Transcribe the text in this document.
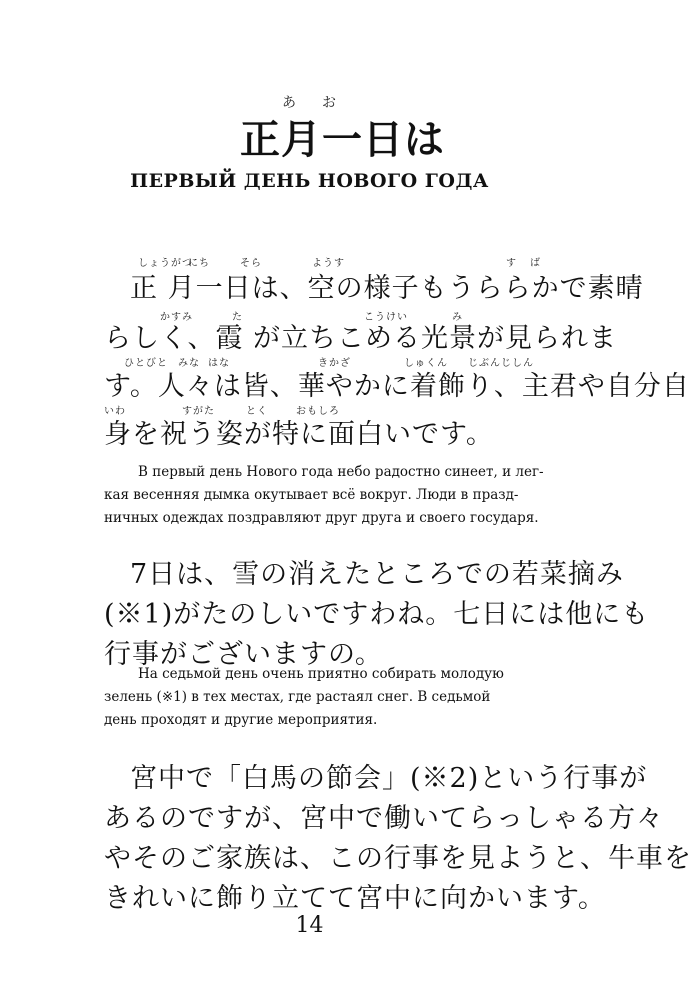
あ お
正月一日は
ПЕРВЫЙ ДЕНЬ НОВОГО ГОДА
しょうがつ
にち	そら	ようす	す ば
かすみ	た	こうけい	み
ひとびと みな はな	きかざ	しゅくん じぶんじしん
いわ	すがた	とく	おもしろ
正 月一日は、空の様子もうららかで素晴
らしく、霞 が立ちこめる光景が見られま
す。人々は皆、華やかに着飾り、主君や自分自
身を祝う姿が特に面白いです。
В первый день Нового года небо радостно синеет, и лег-
кая весенняя дымка окутывает всё вокруг. Люди в празд-
ничных одеждах поздравляют друг друга и своего государя.
7日は、雪の消えたところでの若菜摘み
(※1)がたのしいですわね。七日には他にも
行事がございますの。
На седьмой день очень приятно собирать молодую
зелень (※1) в тех местах, где растаял снег. В седьмой
день проходят и другие мероприятия.
宮中で「白馬の節会」(※2)という行事が
あるのですが、宮中で働いてらっしゃる方々
やそのご家族は、この行事を見ようと、牛車を
きれいに飾り立てて宮中に向かいます。
14
